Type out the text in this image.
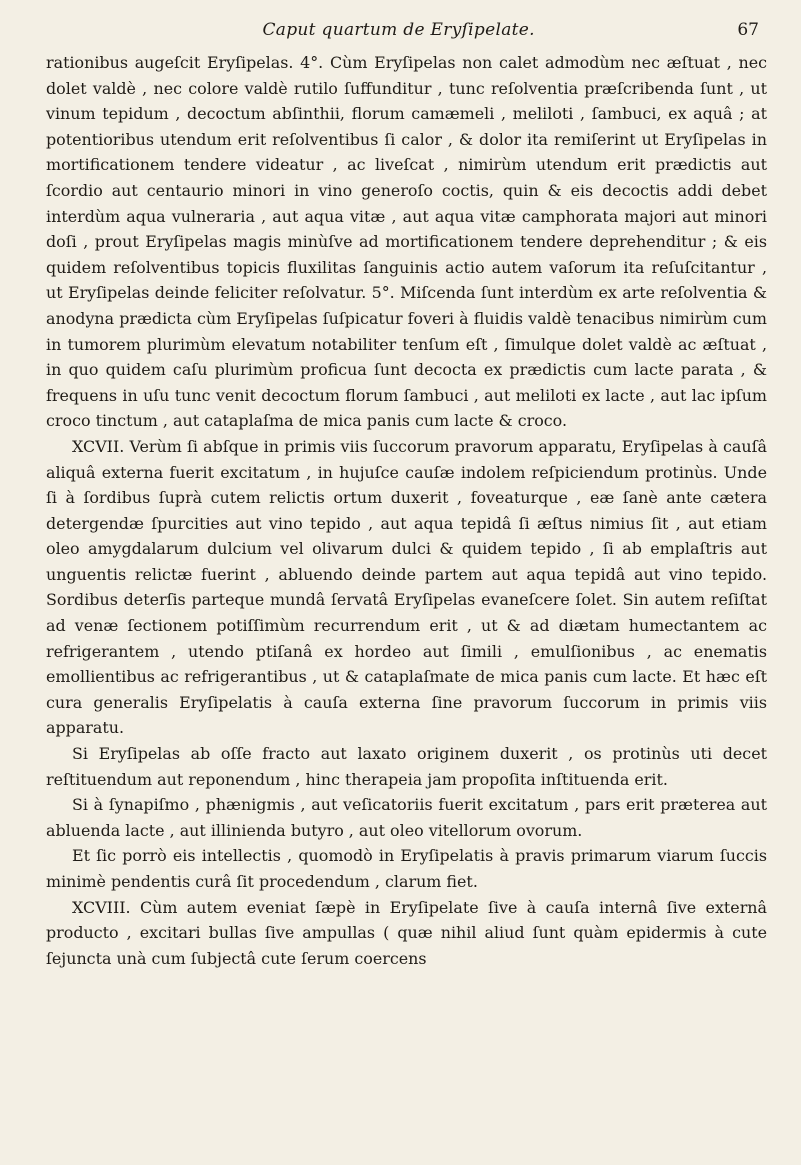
Caput quartum de Eryſipelate.	67

rationibus augeſcit Eryſipelas. 4°. Cùm Eryſipelas non calet admodùm nec æſtuat , nec dolet valdè , nec colore valdè rutilo ſuffunditur , tunc reſolventia præſcribenda ſunt , ut vinum tepidum , decoctum abſinthii, florum camæmeli , meliloti , ſambuci, ex aquâ ; at potentioribus utendum erit reſolventibus ſi calor , & dolor ita remiſerint ut Eryſipelas in mortificationem tendere videatur , ac liveſcat , nimirùm utendum erit prædictis aut ſcordio aut centaurio minori in vino generoſo coctis, quin & eis decoctis addi debet interdùm aqua vulneraria , aut aqua vitæ , aut aqua vitæ camphorata majori aut minori doſi , prout Eryſipelas magis minùſve ad mortificationem tendere deprehenditur ; & eis quidem reſolventibus topicis fluxilitas ſanguinis actio autem vaſorum ita reſuſcitantur , ut Eryſipelas deinde feliciter reſolvatur. 5°. Miſcenda ſunt interdùm ex arte reſolventia & anodyna prædicta cùm Eryſipelas ſuſpicatur foveri à fluidis valdè tenacibus nimirùm cum in tumorem plurimùm elevatum notabiliter tenſum eſt , ſimulque dolet valdè ac æſtuat , in quo quidem caſu plurimùm proficua ſunt decocta ex prædictis cum lacte parata , & frequens in uſu tunc venit decoctum florum ſambuci , aut meliloti ex lacte , aut lac ipſum croco tinctum , aut cataplaſma de mica panis cum lacte & croco.

XCVII. Verùm ſi abſque in primis viis ſuccorum pravorum apparatu, Eryſipelas à cauſâ aliquâ externa fuerit excitatum , in hujuſce cauſæ indolem reſpiciendum protinùs. Unde ſi à ſordibus ſuprà cutem relictis ortum duxerit , foveaturque , eæ ſanè ante cætera detergendæ ſpurcities aut vino tepido , aut aqua tepidâ ſi æſtus nimius ſit , aut etiam oleo amygdalarum dulcium vel olivarum dulci & quidem tepido , ſi ab emplaſtris aut unguentis relictæ fuerint , abluendo deinde partem aut aqua tepidâ aut vino tepido. Sordibus deterſis parteque mundâ ſervatâ Eryſipelas evaneſcere ſolet. Sin autem reſiſtat ad venæ ſectionem potiſſimùm recurrendum erit , ut & ad diætam humectantem ac refrigerantem , utendo ptiſanâ ex hordeo aut ſimili , emulſionibus , ac enematis emollientibus ac refrigerantibus , ut & cataplaſmate de mica panis cum lacte. Et hæc eſt cura generalis Eryſipelatis à cauſa externa ſine pravorum ſuccorum in primis viis apparatu.

Si Eryſipelas ab oſſe fracto aut laxato originem duxerit , os protinùs uti decet reſtituendum aut reponendum , hinc therapeia jam propoſita inſtituenda erit.

Si à ſynapiſmo , phænigmis , aut veſicatoriis fuerit excitatum , pars erit præterea aut abluenda lacte , aut illinienda butyro , aut oleo vitellorum ovorum.

Et ſic porrò eis intellectis , quomodò in Eryſipelatis à pravis primarum viarum ſuccis minimè pendentis curâ ſit procedendum , clarum fiet.

XCVIII. Cùm autem eveniat ſæpè in Eryſipelate ſive à cauſa internâ ſive externâ producto , excitari bullas ſive ampullas ( quæ nihil aliud ſunt quàm epidermis à cute ſejuncta unà cum ſubjectâ cute ſerum coercens
